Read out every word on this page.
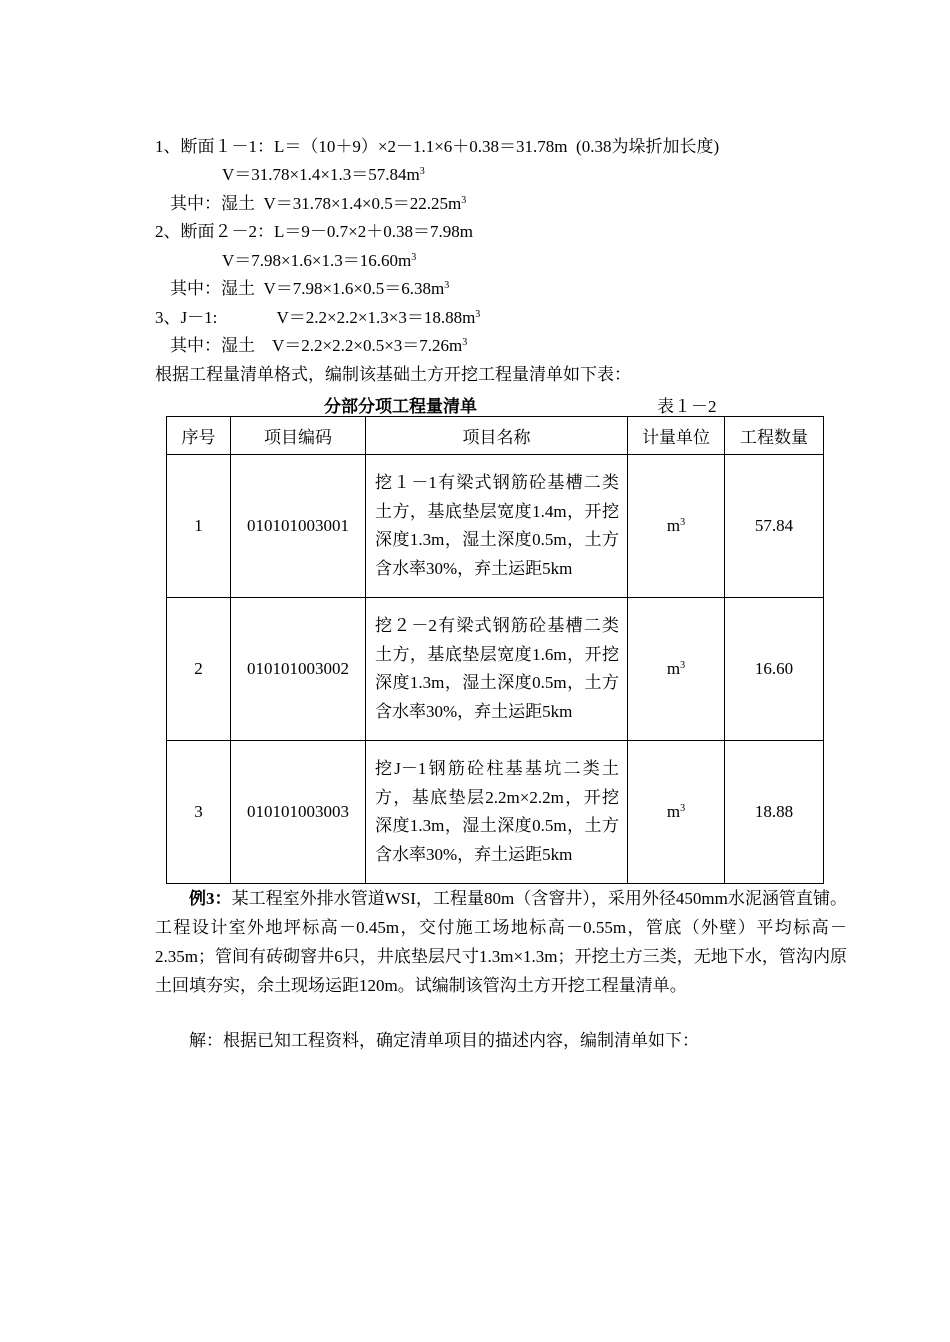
1、断面１－1：L＝（10＋9）×2－1.1×6＋0.38＝31.78m  (0.38为垛折加长度)
$V=31.78\times 1.4\times 1.3=57.84m^3$
其中：湿土  $V=31.78\times 1.4\times 0.5=22.25m^3$
2、断面２－2：L＝9－0.7×2＋0.38＝7.98m
$V=7.98\times 1.6\times 1.3=16.60m^3$
其中：湿土  $V=7.98\times 1.6\times 0.5=6.38m^3$
3、J－1:              $V=2.2\times 2.2\times 1.3\times 3=18.88m^3$
其中：湿土    $V=2.2\times 2.2\times 0.5\times 3=7.26m^3$
根据工程量清单格式，编制该基础土方开挖工程量清单如下表：
分部分项工程量清单	表１－2
序号	项目编码	项目名称	计量单位	工程数量
1	010101003001	挖１－1有梁式钢筋砼基槽二类土方，基底垫层宽度1.4m，开挖深度1.3m，湿土深度0.5m，土方含水率30%，弃土运距5km	$m^3$	57.84
2	010101003002	挖２－2有梁式钢筋砼基槽二类土方，基底垫层宽度1.6m，开挖深度1.3m，湿土深度0.5m，土方含水率30%，弃土运距5km	$m^3$	16.60
3	010101003003	挖J－1钢筋砼柱基基坑二类土方，基底垫层2.2m×2.2m，开挖深度1.3m，湿土深度0.5m，土方含水率30%，弃土运距5km	$m^3$	18.88
例3：某工程室外排水管道WSI，工程量80m（含窨井），采用外径450mm水泥涵管直铺。工程设计室外地坪标高－0.45m，交付施工场地标高－0.55m，管底（外壁）平均标高－2.35m；管间有砖砌窨井6只，井底垫层尺寸1.3m×1.3m；开挖土方三类，无地下水，管沟内原土回填夯实，余土现场运距120m。试编制该管沟土方开挖工程量清单。
解：根据已知工程资料，确定清单项目的描述内容，编制清单如下：
